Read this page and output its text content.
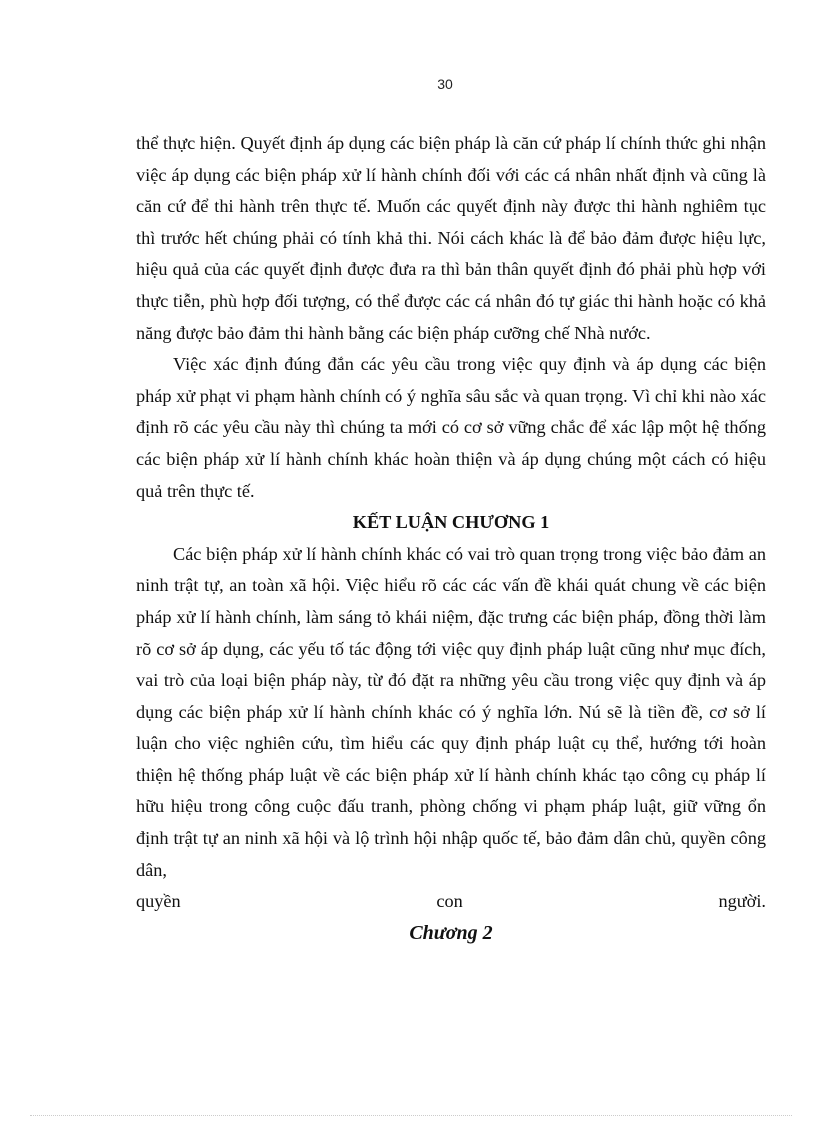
30

thể thực hiện. Quyết định áp dụng các biện pháp là căn cứ pháp lí chính thức ghi nhận việc áp dụng các biện pháp xử lí hành chính đối với các cá nhân nhất định và cũng là căn cứ để thi hành trên thực tế. Muốn các quyết định này được thi hành nghiêm tục thì trước hết chúng phải có tính khả thi. Nói cách khác là để bảo đảm được hiệu lực, hiệu quả của các quyết định được đưa ra thì bản thân quyết định đó phải phù hợp với thực tiễn, phù hợp đối tượng, có thể được các cá nhân đó tự giác thi hành hoặc có khả năng được bảo đảm thi hành bằng các biện pháp cưỡng chế Nhà nước.

Việc xác định đúng đắn các yêu cầu trong việc quy định và áp dụng các biện pháp xử phạt vi phạm hành chính có ý nghĩa sâu sắc và quan trọng. Vì chỉ khi nào xác định rõ các yêu cầu này thì chúng ta mới có cơ sở vững chắc để xác lập một hệ thống các biện pháp xử lí hành chính khác hoàn thiện và áp dụng chúng một cách có hiệu quả trên thực tế.

KẾT LUẬN CHƯƠNG 1

Các biện pháp xử lí hành chính khác có vai trò quan trọng trong việc bảo đảm an ninh trật tự, an toàn xã hội. Việc hiểu rõ các các vấn đề khái quát chung về các biện pháp xử lí hành chính, làm sáng tỏ khái niệm, đặc trưng các biện pháp, đồng thời làm rõ cơ sở áp dụng, các yếu tố tác động tới việc quy định pháp luật cũng như mục đích, vai trò của loại biện pháp này, từ đó đặt ra những yêu cầu trong việc quy định và áp dụng các biện pháp xử lí hành chính khác có ý nghĩa lớn. Nú sẽ là tiền đề, cơ sở lí luận cho việc nghiên cứu, tìm hiểu các quy định pháp luật cụ thể, hướng tới hoàn thiện hệ thống pháp luật về các biện pháp xử lí hành chính khác tạo công cụ pháp lí hữu hiệu trong công cuộc đấu tranh, phòng chống vi phạm pháp luật, giữ vững ổn định trật tự an ninh xã hội và lộ trình hội nhập quốc tế, bảo đảm dân chủ, quyền công dân,

quyền	con	người.

Chương 2
